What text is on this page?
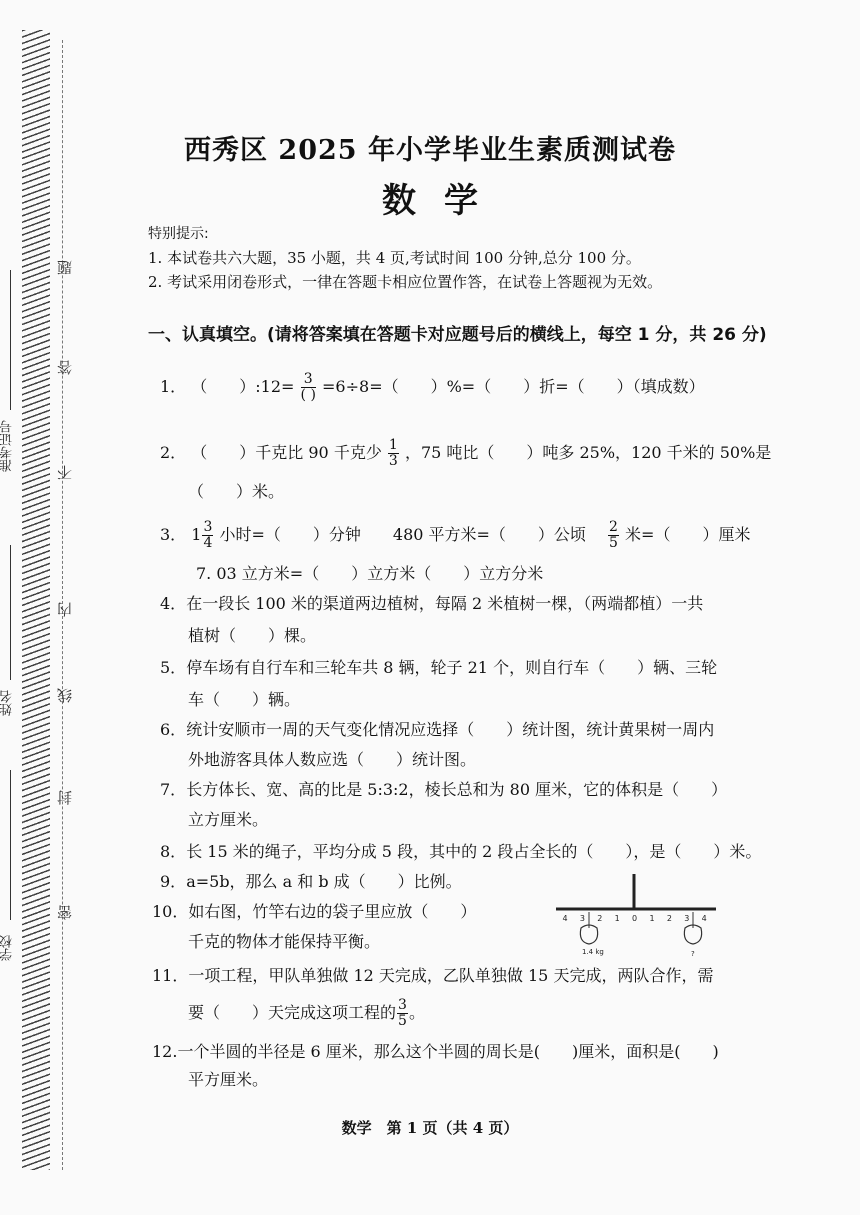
学校
姓名
准考证号
密
封
线
内
不
答
题
西秀区 2025 年小学毕业生素质测试卷
数学
特别提示:
1. 本试卷共六大题，35 小题，共 4 页,考试时间 100 分钟,总分 100 分。
2. 考试采用闭卷形式，一律在答题卡相应位置作答，在试卷上答题视为无效。
一、认真填空。(请将答案填在答题卡对应题号后的横线上，每空 1 分，共 26 分)
1． （　　）:12= $\frac{3}{( )} =6\div 8=$（　　）%=（　　）折=（　　）（填成数）
2． （　　）千克比 90 千克少 $\frac{1}{3}$ ，75 吨比（　　）吨多 25%，120 千米的 50%是
（　　）米。
3． $1 \frac{3}{4}$ 小时=（　　）分钟　　480 平方米=（　　）公顷　 $\frac{2}{5}$ 米=（　　）厘米
7. 03 立方米=（　　）立方米（　　）立方分米
4．在一段长 100 米的渠道两边植树，每隔 2 米植树一棵，（两端都植）一共
植树（　　）棵。
5．停车场有自行车和三轮车共 8 辆，轮子 21 个，则自行车（　　）辆、三轮
车（　　）辆。
6．统计安顺市一周的天气变化情况应选择（　　）统计图，统计黄果树一周内
外地游客具体人数应选（　　）统计图。
7．长方体长、宽、高的比是 5:3:2，棱长总和为 80 厘米，它的体积是（　　）
立方厘米。
8．长 15 米的绳子，平均分成 5 段，其中的 2 段占全长的（　　），是（　　）米。
9．a=5b，那么 a 和 b 成（　　）比例。
10．如右图，竹竿右边的袋子里应放（　　）
千克的物体才能保持平衡。
4 3 2 1 0 1 2 3 4
1.4 kg	?
11．一项工程，甲队单独做 12 天完成，乙队单独做 15 天完成，两队合作，需
要（　　）天完成这项工程的 $\frac{3}{5}$ 。
12.一个半圆的半径是 6 厘米，那么这个半圆的周长是(　　)厘米，面积是(　　)
平方厘米。
数学　第 1 页（共 4 页）
